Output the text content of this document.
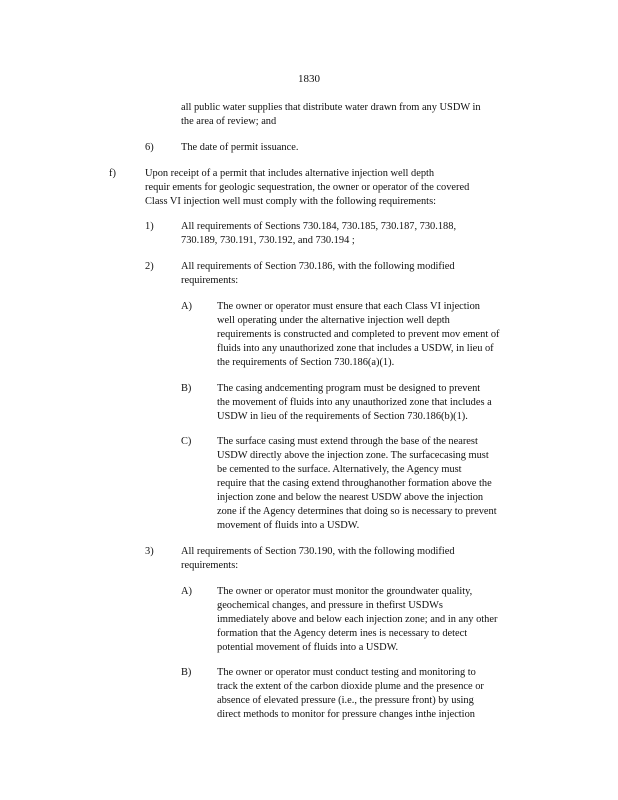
1830
all public water supplies that distribute water drawn from any USDW in
the area of review; and
6)	The date of permit issuance.
f)	Upon receipt of a permit that includes alternative injection well depth
requir ements for geologic sequestration, the owner or operator of the covered
Class VI injection well must comply with the following requirements:
1)	All requirements of Sections 730.184, 730.185, 730.187, 730.188,
730.189, 730.191, 730.192, and 730.194 ;
2)	All requirements of Section 730.186, with the following modified
requirements:
A) The owner or operator must ensure that each Class VI injection
well operating under the alternative injection well depth
requirements is constructed and completed to prevent mov ement of
fluids into any unauthorized zone that includes a USDW, in lieu of
the requirements of Section 730.186(a)(1).
B) The casing andcementing program must be designed to prevent
the movement of fluids into any unauthorized zone that includes a
USDW in lieu of the requirements of Section 730.186(b)(1).
C) The surface casing must extend through the base of the nearest
USDW directly above the injection zone. The surfacecasing must
be cemented to the surface. Alternatively, the Agency must
require that the casing extend throughanother formation above the
injection zone and below the nearest USDW above the injection
zone if the Agency determines that doing so is necessary to prevent
movement of fluids into a USDW.
3)	All requirements of Section 730.190, with the following modified
requirements:
A) The owner or operator must monitor the groundwater quality,
geochemical changes, and pressure in thefirst USDWs
immediately above and below each injection zone; and in any other
formation that the Agency determ ines is necessary to detect
potential movement of fluids into a USDW.
B) The owner or operator must conduct testing and monitoring to
track the extent of the carbon dioxide plume and the presence or
absence of elevated pressure (i.e., the pressure front) by using
direct methods to monitor for pressure changes inthe injection
